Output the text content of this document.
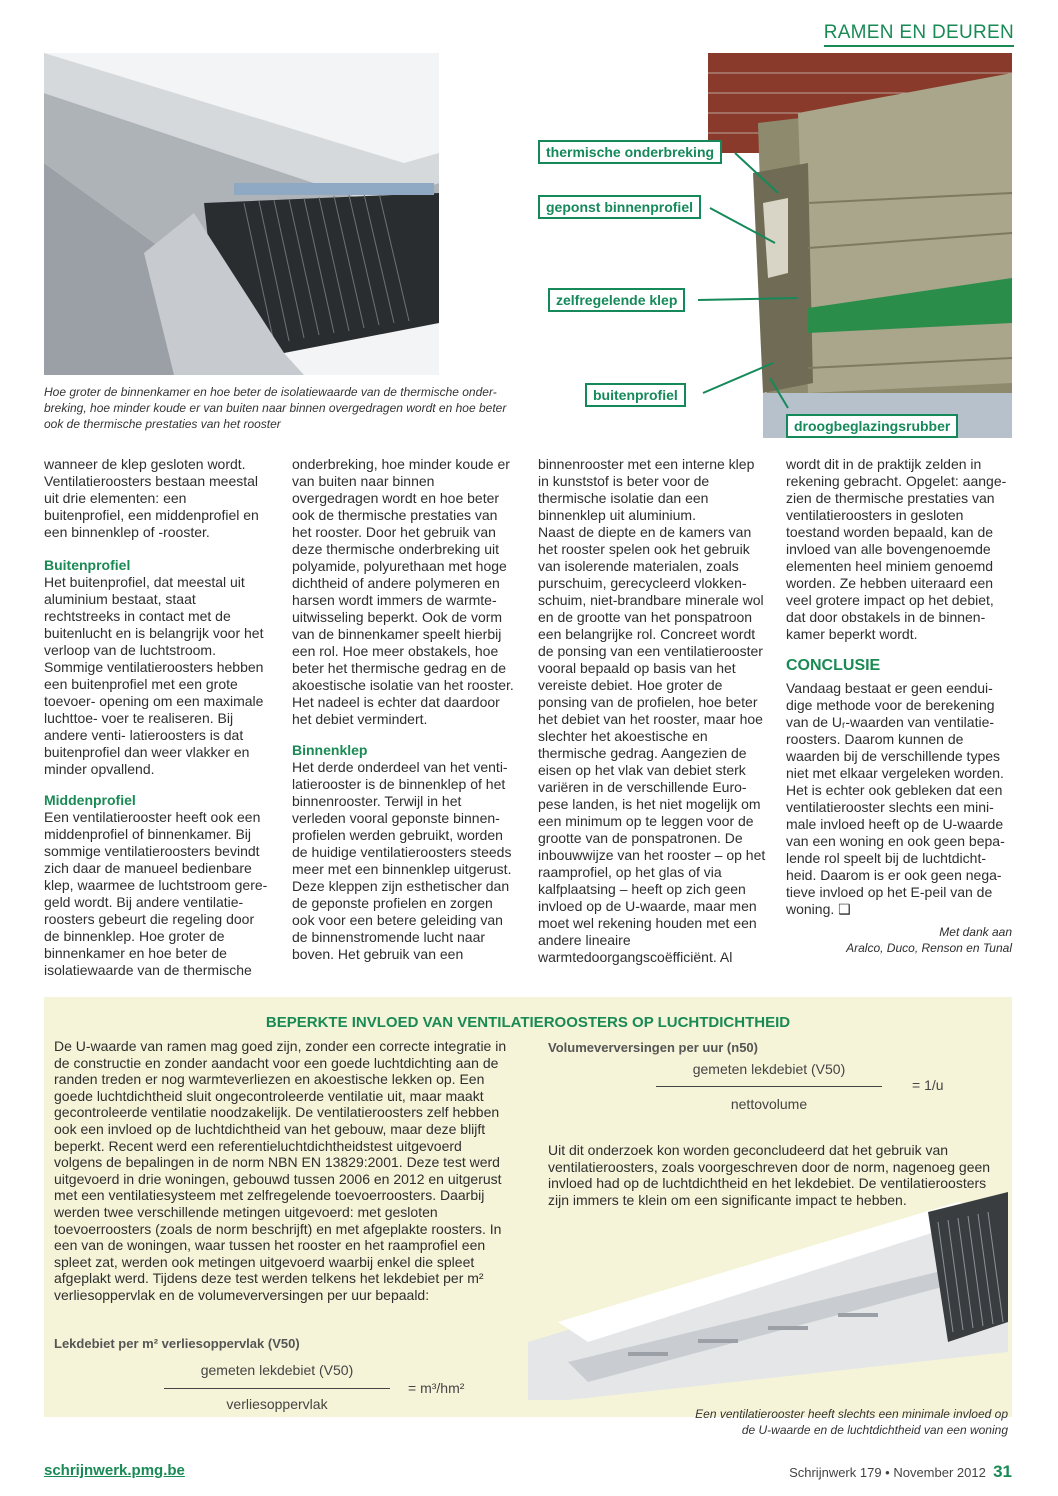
RAMEN EN DEUREN
Hoe groter de binnenkamer en hoe beter de isolatiewaarde van de thermische onder- breking, hoe minder koude er van buiten naar binnen overgedragen wordt en hoe beter ook de thermische prestaties van het rooster
thermische onderbreking
geponst binnenprofiel
zelfregelende klep
buitenprofiel
droogbeglazingsrubber

wanneer de klep gesloten wordt. Ventilatieroosters bestaan meestal uit drie elementen: een buitenprofiel, een middenprofiel en een binnenklep of -rooster.

Buitenprofiel

Het buitenprofiel, dat meestal uit aluminium bestaat, staat rechtstreeks in contact met de buitenlucht en is belangrijk voor het verloop van de luchtstroom. Sommige ventilatieroosters hebben een buitenprofiel met een grote toevoer- opening om een maximale luchttoe- voer te realiseren. Bij andere venti- latieroosters is dat buitenprofiel dan weer vlakker en minder opvallend.

Middenprofiel

Een ventilatierooster heeft ook een middenprofiel of binnenkamer. Bij sommige ventilatieroosters bevindt zich daar de manueel bedienbare klep, waarmee de luchtstroom gere- geld wordt. Bij andere ventilatie- roosters gebeurt die regeling door de binnenklep. Hoe groter de binnenkamer en hoe beter de isolatiewaarde van de thermische

onderbreking, hoe minder koude er van buiten naar binnen overgedragen wordt en hoe beter ook de thermische prestaties van het rooster. Door het gebruik van deze thermische onderbreking uit polyamide, polyurethaan met hoge dichtheid of andere polymeren en harsen wordt immers de warmte- uitwisseling beperkt. Ook de vorm van de binnenkamer speelt hierbij een rol. Hoe meer obstakels, hoe beter het thermische gedrag en de akoestische isolatie van het rooster. Het nadeel is echter dat daardoor het debiet vermindert.

Binnenklep

Het derde onderdeel van het venti- latierooster is de binnenklep of het binnenrooster. Terwijl in het verleden vooral geponste binnen- profielen werden gebruikt, worden de huidige ventilatieroosters steeds meer met een binnenklep uitgerust. Deze kleppen zijn esthetischer dan de geponste profielen en zorgen ook voor een betere geleiding van de binnenstromende lucht naar boven. Het gebruik van een

binnenrooster met een interne klep in kunststof is beter voor de thermische isolatie dan een binnenklep uit aluminium.

Naast de diepte en de kamers van het rooster spelen ook het gebruik van isolerende materialen, zoals purschuim, gerecycleerd vlokken- schuim, niet-brandbare minerale wol en de grootte van het ponspatroon een belangrijke rol. Concreet wordt de ponsing van een ventilatierooster vooral bepaald op basis van het vereiste debiet. Hoe groter de ponsing van de profielen, hoe beter het debiet van het rooster, maar hoe slechter het akoestische en thermische gedrag. Aangezien de eisen op het vlak van debiet sterk variëren in de verschillende Euro- pese landen, is het niet mogelijk om een minimum op te leggen voor de grootte van de ponspatronen. De inbouwwijze van het rooster – op het raamprofiel, op het glas of via kalfplaatsing – heeft op zich geen invloed op de U-waarde, maar men moet wel rekening houden met een andere lineaire warmtedoorgangscoëfficiënt. Al

wordt dit in de praktijk zelden in rekening gebracht. Opgelet: aange- zien de thermische prestaties van ventilatieroosters in gesloten toestand worden bepaald, kan de invloed van alle bovengenoemde elementen heel miniem genoemd worden. Ze hebben uiteraard een veel grotere impact op het debiet, dat door obstakels in de binnen- kamer beperkt wordt.

CONCLUSIE

Vandaag bestaat er geen eendui- dige methode voor de berekening van de Uᵣ-waarden van ventilatie- roosters. Daarom kunnen de waarden bij de verschillende types niet met elkaar vergeleken worden. Het is echter ook gebleken dat een ventilatierooster slechts een mini- male invloed heeft op de U-waarde van een woning en ook geen bepa- lende rol speelt bij de luchtdicht- heid. Daarom is er ook geen nega- tieve invloed op het E-peil van de woning. ❑

Met dank aan
Aralco, Duco, Renson en Tunal
BEPERKTE INVLOED VAN VENTILATIEROOSTERS OP LUCHTDICHTHEID
De U-waarde van ramen mag goed zijn, zonder een correcte integratie in de constructie en zonder aandacht voor een goede luchtdichting aan de randen treden er nog warmteverliezen en akoestische lekken op. Een goede luchtdichtheid sluit ongecontroleerde ventilatie uit, maar maakt gecontroleerde ventilatie noodzakelijk. De ventilatieroosters zelf hebben ook een invloed op de luchtdichtheid van het gebouw, maar deze blijft beperkt. Recent werd een referentieluchtdichtheidstest uitgevoerd volgens de bepalingen in de norm NBN EN 13829:2001. Deze test werd uitgevoerd in drie woningen, gebouwd tussen 2006 en 2012 en uitgerust met een ventilatiesysteem met zelfregelende toevoerroosters. Daarbij werden twee verschillende metingen uitgevoerd: met gesloten toevoerroosters (zoals de norm beschrijft) en met afgeplakte roosters. In een van de woningen, waar tussen het rooster en het raamprofiel een spleet zat, werden ook metingen uitgevoerd waarbij enkel die spleet afgeplakt werd. Tijdens deze test werden telkens het lekdebiet per m² verliesoppervlak en de volumeverversingen per uur bepaald:
Lekdebiet per m² verliesoppervlak (V50)
gemeten lekdebiet (V50)
verliesoppervlak
= m³/hm²
Volumeverversingen per uur (n50)
gemeten lekdebiet (V50)
nettovolume
= 1/u
Uit dit onderzoek kon worden geconcludeerd dat het gebruik van ventilatieroosters, zoals voorgeschreven door de norm, nagenoeg geen invloed had op de luchtdichtheid en het lekdebiet. De ventilatieroosters zijn immers te klein om een significante impact te hebben.
Een ventilatierooster heeft slechts een minimale invloed op de U-waarde en de luchtdichtheid van een woning
schrijnwerk.pmg.be	Schrijnwerk 179 • November 2012 31
